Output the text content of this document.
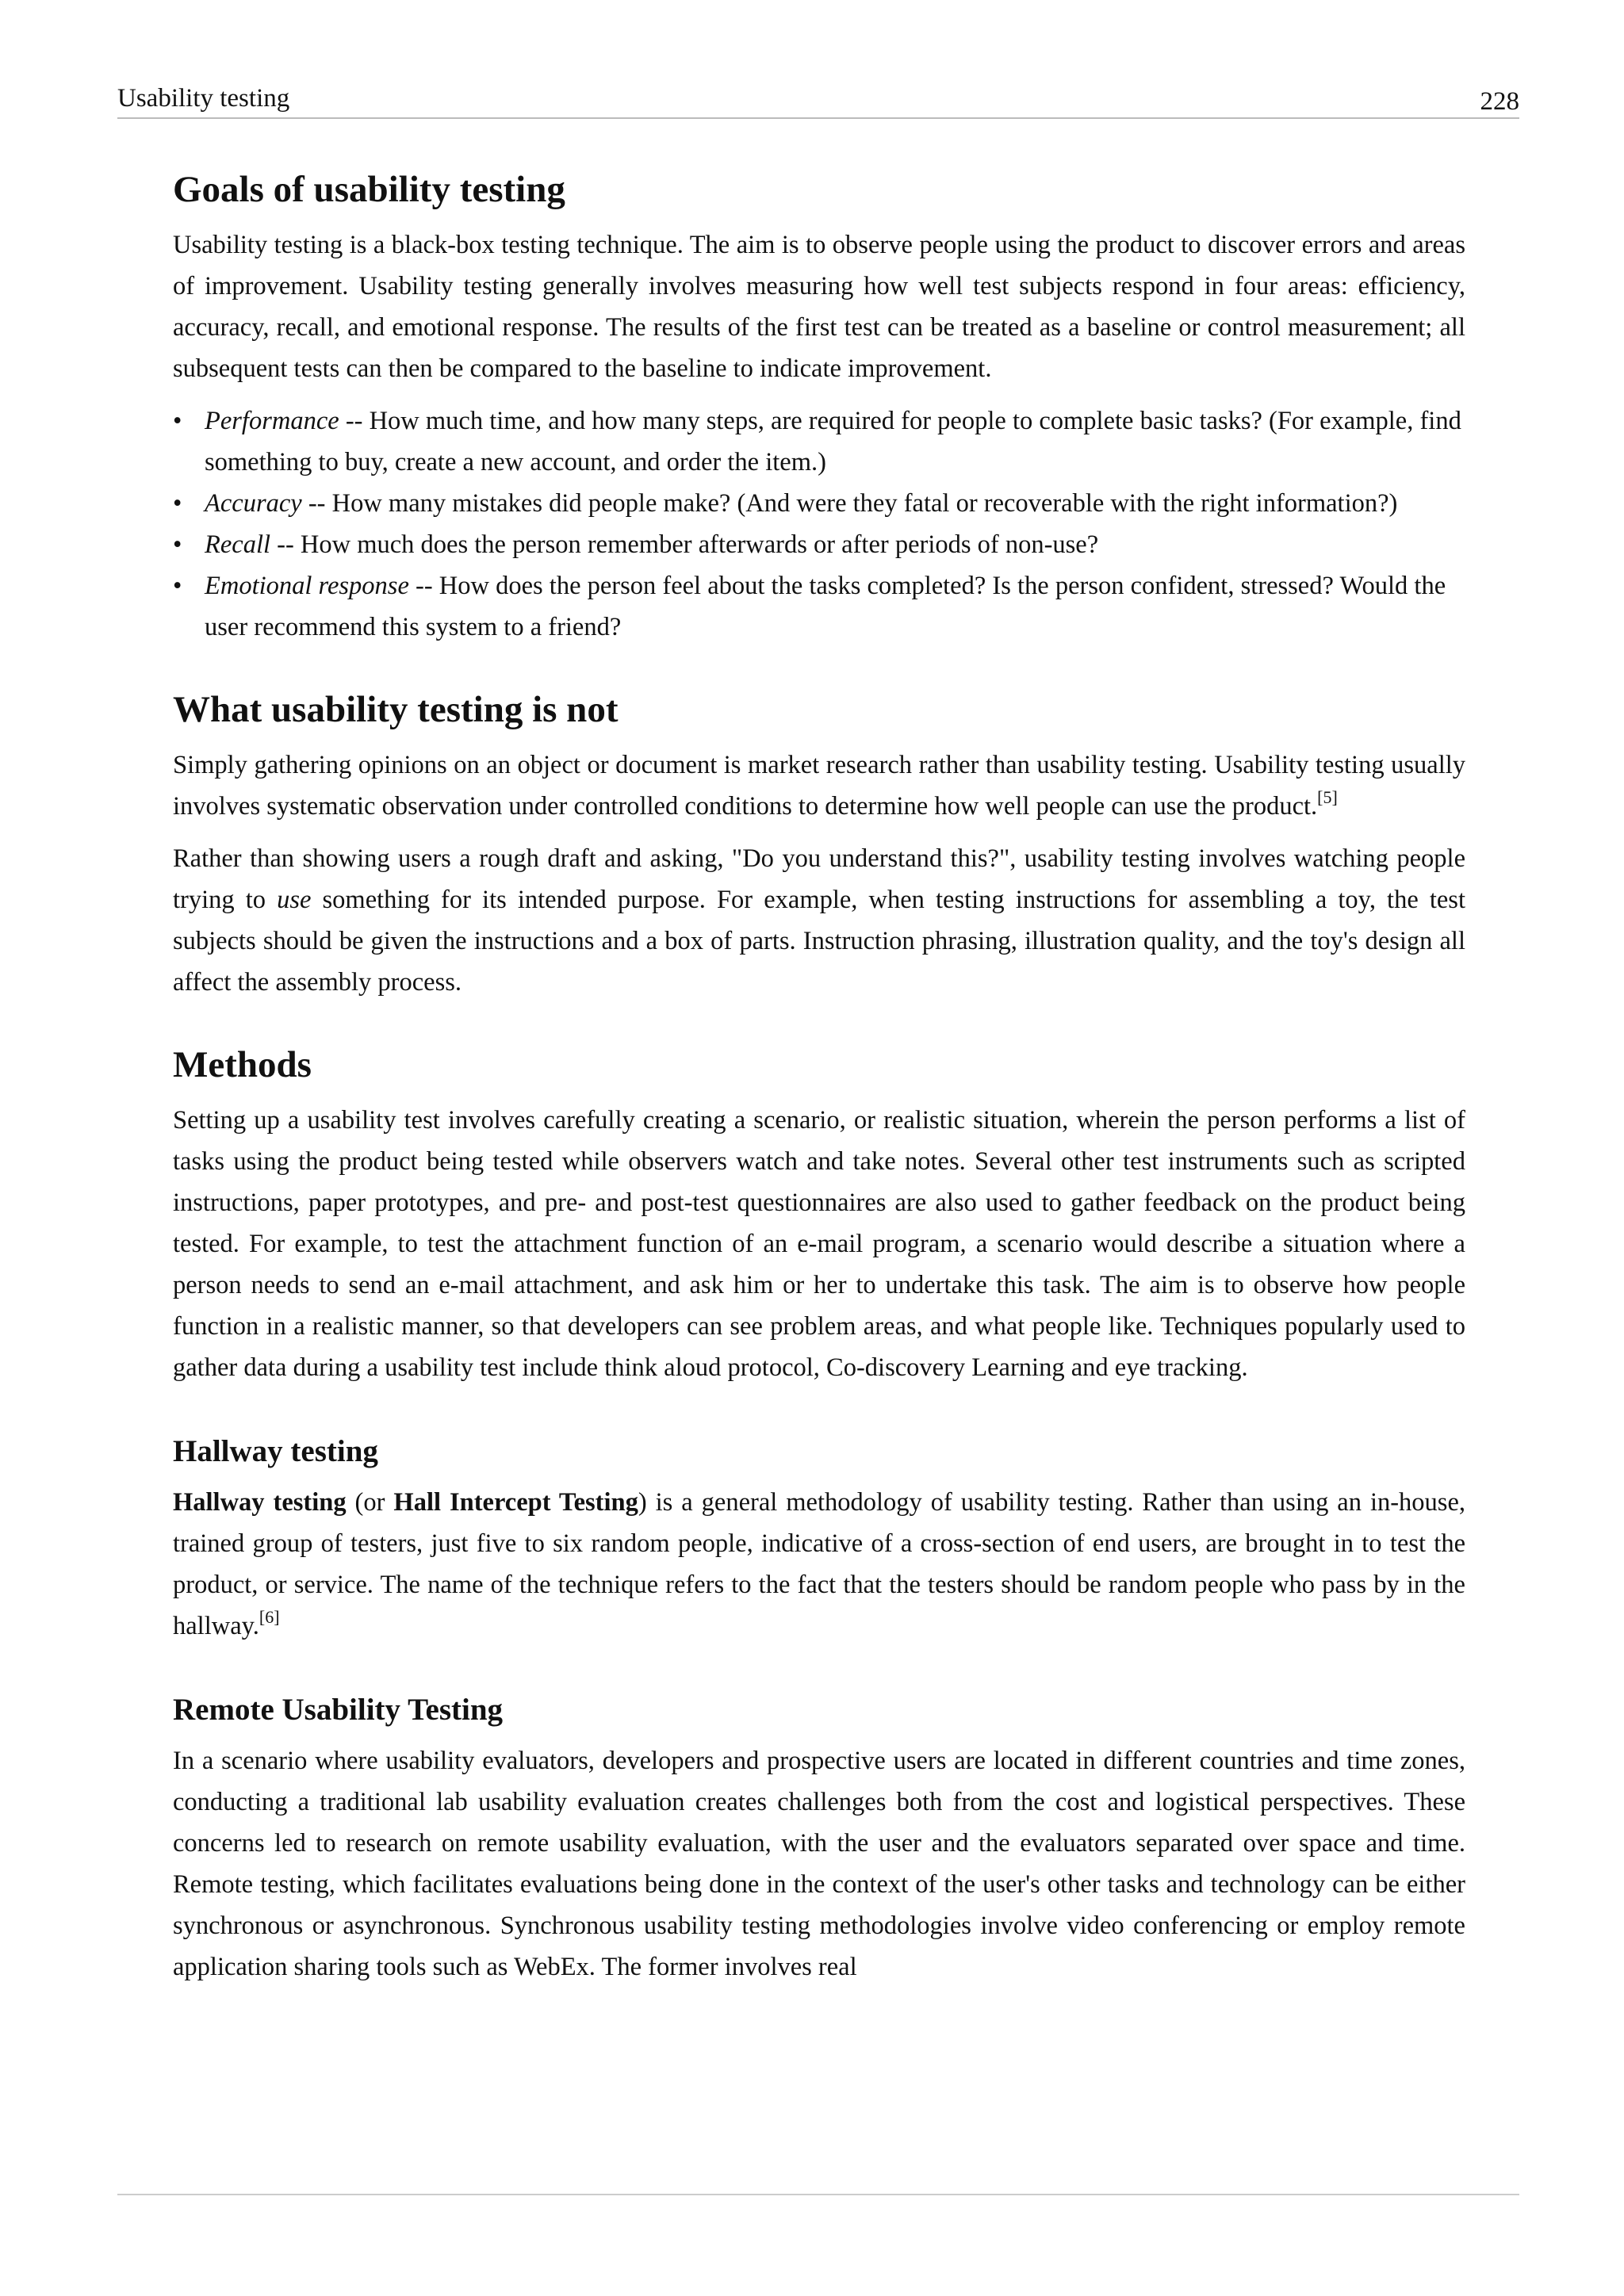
Usability testing	228
Goals of usability testing

Usability testing is a black-box testing technique. The aim is to observe people using the product to discover errors and areas of improvement. Usability testing generally involves measuring how well test subjects respond in four areas: efficiency, accuracy, recall, and emotional response. The results of the first test can be treated as a baseline or control measurement; all subsequent tests can then be compared to the baseline to indicate improvement.

• Performance -- How much time, and how many steps, are required for people to complete basic tasks? (For example, find something to buy, create a new account, and order the item.)
• Accuracy -- How many mistakes did people make? (And were they fatal or recoverable with the right information?)
• Recall -- How much does the person remember afterwards or after periods of non-use?
• Emotional response -- How does the person feel about the tasks completed? Is the person confident, stressed? Would the user recommend this system to a friend?
What usability testing is not

Simply gathering opinions on an object or document is market research rather than usability testing. Usability testing usually involves systematic observation under controlled conditions to determine how well people can use the product.[5]

Rather than showing users a rough draft and asking, "Do you understand this?", usability testing involves watching people trying to use something for its intended purpose. For example, when testing instructions for assembling a toy, the test subjects should be given the instructions and a box of parts. Instruction phrasing, illustration quality, and the toy's design all affect the assembly process.

Methods

Setting up a usability test involves carefully creating a scenario, or realistic situation, wherein the person performs a list of tasks using the product being tested while observers watch and take notes. Several other test instruments such as scripted instructions, paper prototypes, and pre- and post-test questionnaires are also used to gather feedback on the product being tested. For example, to test the attachment function of an e-mail program, a scenario would describe a situation where a person needs to send an e-mail attachment, and ask him or her to undertake this task. The aim is to observe how people function in a realistic manner, so that developers can see problem areas, and what people like. Techniques popularly used to gather data during a usability test include think aloud protocol, Co-discovery Learning and eye tracking.

Hallway testing

Hallway testing (or Hall Intercept Testing) is a general methodology of usability testing. Rather than using an in-house, trained group of testers, just five to six random people, indicative of a cross-section of end users, are brought in to test the product, or service. The name of the technique refers to the fact that the testers should be random people who pass by in the hallway.[6]

Remote Usability Testing

In a scenario where usability evaluators, developers and prospective users are located in different countries and time zones, conducting a traditional lab usability evaluation creates challenges both from the cost and logistical perspectives. These concerns led to research on remote usability evaluation, with the user and the evaluators separated over space and time. Remote testing, which facilitates evaluations being done in the context of the user's other tasks and technology can be either synchronous or asynchronous. Synchronous usability testing methodologies involve video conferencing or employ remote application sharing tools such as WebEx. The former involves real
